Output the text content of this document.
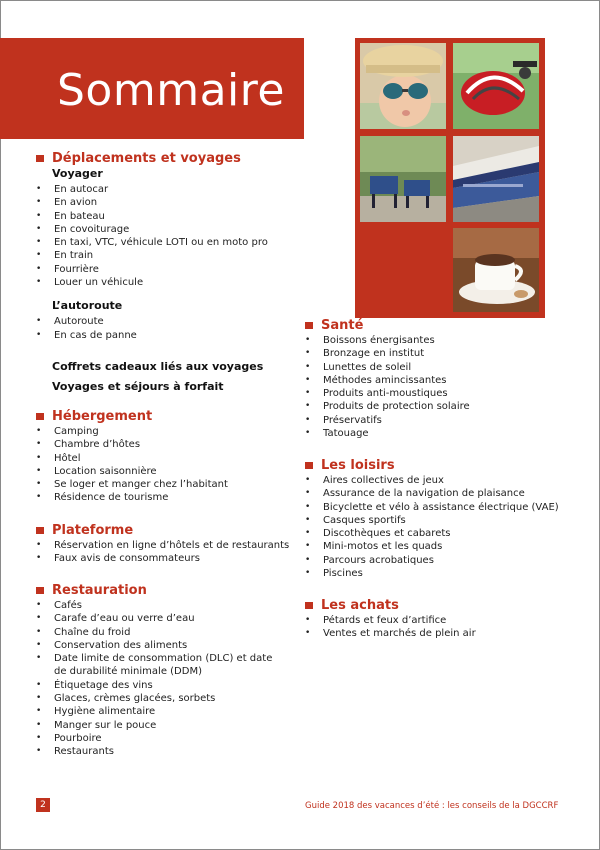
Sommaire
Déplacements et voyages
Voyager
• En autocar
• En avion
• En bateau
• En covoiturage
• En taxi, VTC, véhicule LOTI ou en moto pro
• En train
• Fourrière
• Louer un véhicule
L’autoroute
• Autoroute
• En cas de panne
Coffrets cadeaux liés aux voyages
Voyages et séjours à forfait
Hébergement
• Camping
• Chambre d’hôtes
• Hôtel
• Location saisonnière
• Se loger et manger chez l’habitant
• Résidence de tourisme
Plateforme
• Réservation en ligne d’hôtels et de restaurants
• Faux avis de consommateurs
Restauration
• Cafés
• Carafe d’eau ou verre d’eau
• Chaîne du froid
• Conservation des aliments
• Date limite de consommation (DLC) et date de durabilité minimale (DDM)
• Étiquetage des vins
• Glaces, crèmes glacées, sorbets
• Hygiène alimentaire
• Manger sur le pouce
• Pourboire
• Restaurants
Santé
• Boissons énergisantes
• Bronzage en institut
• Lunettes de soleil
• Méthodes amincissantes
• Produits anti-moustiques
• Produits de protection solaire
• Préservatifs
• Tatouage
Les loisirs
• Aires collectives de jeux
• Assurance de la navigation de plaisance
• Bicyclette et vélo à assistance électrique (VAE)
• Casques sportifs
• Discothèques et cabarets
• Mini-motos et les quads
• Parcours acrobatiques
• Piscines
Les achats
• Pétards et feux d’artifice
• Ventes et marchés de plein air
2	Guide 2018 des vacances d’été : les conseils de la DGCCRF
